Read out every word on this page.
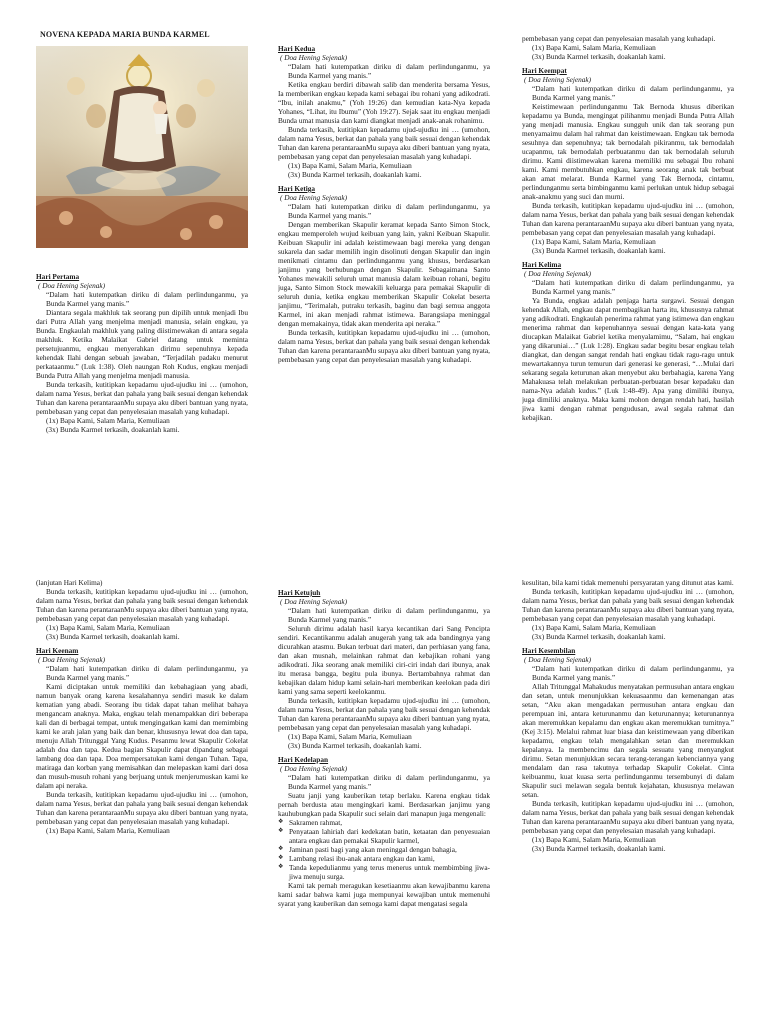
NOVENA KEPADA MARIA BUNDA KARMEL
Hari Pertama

( Doa Hening Sejenak)

“Dalam hati kutempatkan diriku di dalam perlindunganmu, ya Bunda Karmel yang manis.”

Diantara segala makhluk tak seorang pun dipilih untuk menjadi Ibu dari Putra Allah yang menjelma menjadi manusia, selain engkau, ya Bunda. Engkaulah makhluk yang paling diistimewakan di antara segala makhluk. Ketika Malaikat Gabriel datang untuk meminta persetujuanmu, engkau menyerahkan dirimu sepenuhnya kepada kehendak Ilahi dengan sebuah jawaban, “Terjadilah padaku menurut perkataanmu.” (Luk 1:38). Oleh naungan Roh Kudus, engkau menjadi Bunda Putra Allah yang menjelma menjadi manusia.

Bunda terkasih, kutitipkan kepadamu ujud-ujudku ini … (umohon, dalam nama Yesus, berkat dan pahala yang baik sesuai dengan kehendak Tuhan dan karena perantaraanMu supaya aku diberi bantuan yang nyata, pembebasan yang cepat dan penyelesaian masalah yang kuhadapi.

(1x) Bapa Kami, Salam Maria, Kemuliaan

(3x) Bunda Karmel terkasih, doakanlah kami.

Hari Kedua

( Doa Hening Sejenak)

“Dalam hati kutempatkan diriku di dalam perlindunganmu, ya Bunda Karmel yang manis.”

Ketika engkau berdiri dibawah salib dan menderita bersama Yesus, Ia memberikan engkau kepada kami sebagai ibu rohani yang adikodrati. “Ibu, inilah anakmu,” (Yoh 19:26) dan kemudian kata-Nya kepada Yohanes, “Lihat, itu Ibumu” (Yoh 19:27). Sejak saat itu engkau menjadi Bunda umat manusia dan kami diangkat menjadi anak-anak rohanimu.

Bunda terkasih, kutitipkan kepadamu ujud-ujudku ini … (umohon, dalam nama Yesus, berkat dan pahala yang baik sesuai dengan kehendak Tuhan dan karena perantaraanMu supaya aku diberi bantuan yang nyata, pembebasan yang cepat dan penyelesaian masalah yang kuhadapi.

(1x) Bapa Kami, Salam Maria, Kemuliaan

(3x) Bunda Karmel terkasih, doakanlah kami.

Hari Ketiga

( Doa Hening Sejenak)

“Dalam hati kutempatkan diriku di dalam perlindunganmu, ya Bunda Karmel yang manis.”

Dengan memberikan Skapulir keramat kepada Santo Simon Stock, engkau memperoleh wujud keibuan yang lain, yakni Keibuan Skapulir. Keibuan Skapulir ini adalah keistimewaan bagi mereka yang dengan sukarela dan sadar memilih ingin disolinuti dengan Skapulir dan ingin menikmati cintamu dan perlindunganmu yang khusus, berdasarkan janjimu yang berhubungan dengan Skapulir. Sebagaimana Santo Yohanes mewakili seluruh umat manusia dalam keibuan rohani, begitu juga, Santo Simon Stock mewakili keluarga para pemakai Skapulir di seluruh dunia, ketika engkau memberikan Skapulir Cokelat beserta janjimu, “Terimalah, putraku terkasih, baginu dan bagi semua anggota Karmel, ini akan menjadi rahmat istimewa. Barangsiapa meninggal dengan memakainya, tidak akan menderita api neraka.”

Bunda terkasih, kutitipkan kepadamu ujud-ujudku ini … (umohon, dalam nama Yesus, berkat dan pahala yang baik sesuai dengan kehendak Tuhan dan karena perantaraanMu supaya aku diberi bantuan yang nyata, pembebasan yang cepat dan penyelesaian masalah yang kuhadapi.

pembebasan yang cepat dan penyelesaian masalah yang kuhadapi.

(1x) Bapa Kami, Salam Maria, Kemuliaan

(3x) Bunda Karmel terkasih, doakanlah kami.

Hari Keempat

( Doa Hening Sejenak)

“Dalam hati kutempatkan diriku di dalam perlindunganmu, ya Bunda Karmel yang manis.”

Keistimewaan perlindunganmu Tak Bernoda khusus diberikan kepadamu ya Bunda, mengingat pilihanmu menjadi Bunda Putra Allah yang menjadi manusia. Engkau sungguh unik dan tak seorang pun menyamaimu dalam hal rahmat dan keistimewaan. Engkau tak bernoda sesuhnya dan sepenuhnya; tak bernodalah pikiranmu, tak bernodalah ucapanmu, tak bernodalah perbuatanmu dan tak bernodalah seluruh dirimu. Kami diistimewakan karena memiliki mu sebagai Ibu rohani kami. Kami membutuhkan engkau, karena seorang anak tak berbuat akan amat melarat. Bunda Karmel yang Tak Bernoda, cintamu, perlindunganmu serta bimbinganmu kami perlukan untuk hidup sebagai anak-anakmu yang suci dan murni.

Bunda terkasih, kutitipkan kepadamu ujud-ujudku ini … (umohon, dalam nama Yesus, berkat dan pahala yang baik sesuai dengan kehendak Tuhan dan karena perantaraanMu supaya aku diberi bantuan yang nyata, pembebasan yang cepat dan penyelesaian masalah yang kuhadapi.

(1x) Bapa Kami, Salam Maria, Kemuliaan

(3x) Bunda Karmel terkasih, doakanlah kami.

Hari Kelima

( Doa Hening Sejenak)

“Dalam hati kutempatkan diriku di dalam perlindunganmu, ya Bunda Karmel yang manis.”

Ya Bunda, engkau adalah penjaga harta surgawi. Sesuai dengan kehendak Allah, engkau dapat membagikan harta itu, khususnya rahmat yang adikodrati. Engkaulah penerima rahmat yang istimewa dan engkau menerima rahmat dan kepenuhannya sesuai dengan kata-kata yang diucapkan Malaikat Gabriel ketika menyalamimu, “Salam, hai engkau yang dikaruniai…” (Luk 1:28). Engkau sadar begitu besar engkau telah diangkat, dan dengan sangat rendah hati engkau tidak ragu-ragu untuk mewartakannya turun temurun dari generasi ke generasi, “…Mulai dari sekarang segala keturunan akan menyebut aku berbahagia, karena Yang Mahakuasa telah melakukan perbuatan-perbuatan besar kepadaku dan nama-Nya adalah kudus.” (Luk 1:48-49). Apa yang dimiliki ibunya, juga dimiliki anaknya. Maka kami mohon dengan rendah hati, hasilah jiwa kami dengan rahmat pengudusan, awal segala rahmat dan kebajikan.

(lanjutan Hari Kelima)

Bunda terkasih, kutitipkan kepadamu ujud-ujudku ini … (umohon, dalam nama Yesus, berkat dan pahala yang baik sesuai dengan kehendak Tuhan dan karena perantaraanMu supaya aku diberi bantuan yang nyata, pembebasan yang cepat dan penyelesaian masalah yang kuhadapi.

(1x) Bapa Kami, Salam Maria, Kemuliaan

(3x) Bunda Karmel terkasih, doakanlah kami.

Hari Keenam

( Doa Hening Sejenak)

“Dalam hati kutempatkan diriku di dalam perlindunganmu, ya Bunda Karmel yang manis.”

Kami diciptakan untuk memiliki dan kebahagiaan yang abadi, namun banyak orang karena kesalahannya sendiri masuk ke dalam kematian yang abadi. Seorang ibu tidak dapat tahan melihat bahaya mengancam anaknya. Maka, engkau telah menampakkan diri beberapa kali dan di berbagai tempat, untuk mengingatkan kami dan memimbing kami ke arah jalan yang baik dan benar, khususnya lewat doa dan tapa, menuju Allah Tritunggal Yang Kudus. Pesanmu lewat Skapulir Cokelat adalah doa dan tapa. Kedua bagian Skapulir dapat dipandang sebagai lambang doa dan tapa. Doa mempersatukan kami dengan Tuhan. Tapa, matiraga dan korban yang memisahkan dan melepaskan kami dari dosa dan musuh-musuh rohani yang berjuang untuk menjerumuskan kami ke dalam api neraka.

Bunda terkasih, kutitipkan kepadamu ujud-ujudku ini … (umohon, dalam nama Yesus, berkat dan pahala yang baik sesuai dengan kehendak Tuhan dan karena perantaraanMu supaya aku diberi bantuan yang nyata, pembebasan yang cepat dan penyelesaian masalah yang kuhadapi.

(1x) Bapa Kami, Salam Maria, Kemuliaan

Hari Ketujuh

( Doa Hening Sejenak)

“Dalam hati kutempatkan diriku di dalam perlindunganmu, ya Bunda Karmel yang manis.”

Seluruh dirimu adalah hasil karya kecantikan dari Sang Pencipta sendiri. Kecantikanmu adalah anugerah yang tak ada bandingnya yang dicurahkan atasmu. Bukan terbuat dari materi, dan perhiasan yang fana, dan akan musnah, melainkan rahmat dan kebajikan rohani yang adikodrati. Jika seorang anak memiliki ciri-ciri indah dari ibunya, anak itu merasa bangga, begitu pula ibunya. Bertambahnya rahmat dan kebajikan dalam hidup kami selain-hari memberikan keelokan pada diri kami yang sama seperti keelokanmu.

Bunda terkasih, kutitipkan kepadamu ujud-ujudku ini … (umohon, dalam nama Yesus, berkat dan pahala yang baik sesuai dengan kehendak Tuhan dan karena perantaraanMu supaya aku diberi bantuan yang nyata, pembebasan yang cepat dan penyelesaian masalah yang kuhadapi.

(1x) Bapa Kami, Salam Maria, Kemuliaan

(3x) Bunda Karmel terkasih, doakanlah kami.

Hari Kedelapan

( Doa Hening Sejenak)

“Dalam hati kutempatkan diriku di dalam perlindunganmu, ya Bunda Karmel yang manis.”

Suatu janji yang kauberikan tetap berlaku. Karena engkau tidak pernah berdusta atau mengingkari kami. Berdasarkan janjimu yang kauhubungkan pada Skapulir suci selain dari manapun juga mengenali:

❖ Sakramen rahmat,
❖ Penyataan lahiriah dari kedekatan batin, ketaatan dan penyesuaian antara engkau dan pemakai Skapulir karmel,
❖ Jaminan pasti bagi yang akan meninggal dengan bahagia,
❖ Lambang relasi ibu-anak antara engkau dan kami,
❖ Tanda kepedulianmu yang terus menerus untuk membimbing jiwa-jiwa menuju surga.

Kami tak pernah meragukan kesetiaanmu akan kewajibanmu karena kami sadar bahwa kami juga mempunyai kewajiban untuk memenuhi syarat yang kauberikan dan semoga kami dapat mengatasi segala

kesulitan, bila kami tidak memenuhi persyaratan yang ditunut atas kami.

Bunda terkasih, kutitipkan kepadamu ujud-ujudku ini … (umohon, dalam nama Yesus, berkat dan pahala yang baik sesuai dengan kehendak Tuhan dan karena perantaraanMu supaya aku diberi bantuan yang nyata, pembebasan yang cepat dan penyelesaian masalah yang kuhadapi.

(1x) Bapa Kami, Salam Maria, Kemuliaan

(3x) Bunda Karmel terkasih, doakanlah kami.

Hari Kesembilan

( Doa Hening Sejenak)

“Dalam hati kutempatkan diriku di dalam perlindunganmu, ya Bunda Karmel yang manis.”

Allah Tritunggal Mahakudus menyatakan permusuhan antara engkau dan setan, untuk menunjukkan kekuasaanmu dan kemenangan atas setan, “Aku akan mengadakan permusuhan antara engkau dan perempuan ini, antara keturunanmu dan keturunannya; keturunannya akan meremukkan kepalamu dan engkau akan meremukkan tumitnya.” (Kej 3:15). Melalui rahmat luar biasa dan keistimewaan yang diberikan kepadamu, engkau telah mengalahkan setan dan meremukkan kepalanya. Ia membencimu dan segala sesuatu yang menyangkut dirimu. Setan menunjukkan secara terang-terangan kebenciannya yang mendalam dan rasa takutnya terhadap Skapulir Cokelat. Cinta keibuanmu, kuat kuasa serta perlindunganmu tersembunyi di dalam Skapulir suci melawan segala bentuk kejahatan, khususnya melawan setan.

Bunda terkasih, kutitipkan kepadamu ujud-ujudku ini … (umohon, dalam nama Yesus, berkat dan pahala yang baik sesuai dengan kehendak Tuhan dan karena perantaraanMu supaya aku diberi bantuan yang nyata, pembebasan yang cepat dan penyelesaian masalah yang kuhadapi.

(1x) Bapa Kami, Salam Maria, Kemuliaan

(3x) Bunda Karmel terkasih, doakanlah kami.
